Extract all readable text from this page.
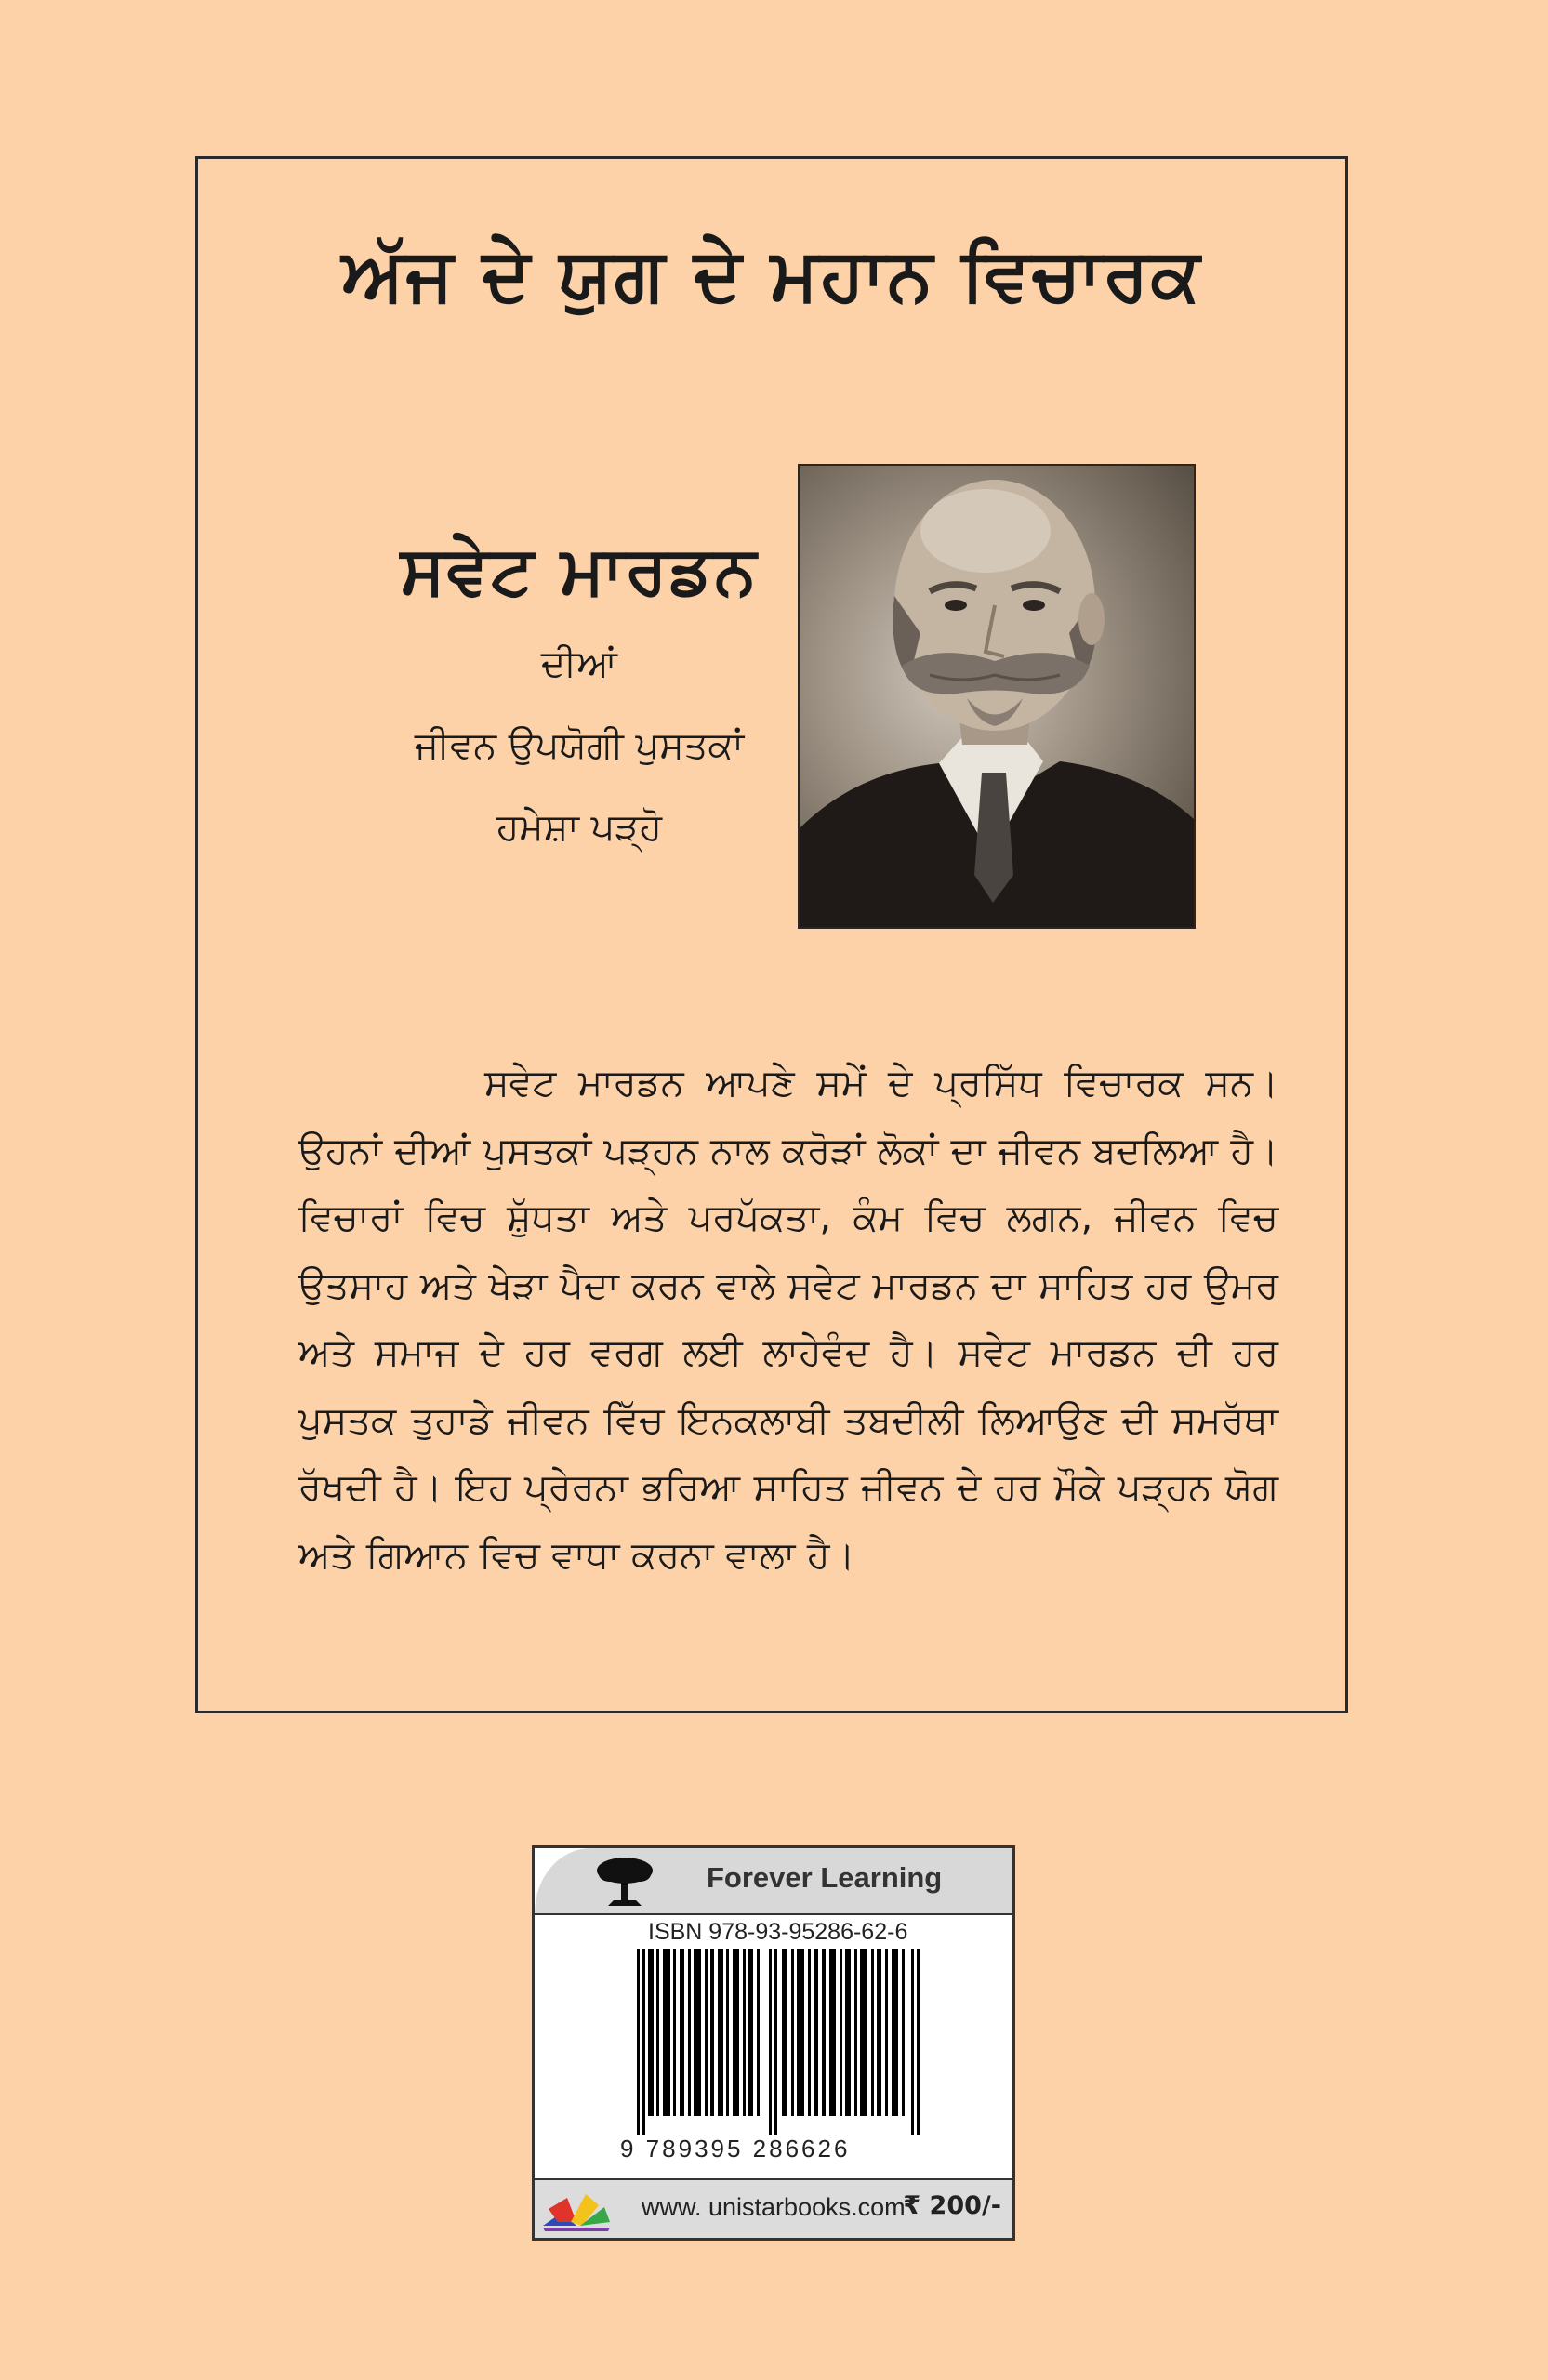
ਅੱਜ ਦੇ ਯੁਗ ਦੇ ਮਹਾਨ ਵਿਚਾਰਕ
ਸਵੇਟ ਮਾਰਡਨ

ਦੀਆਂ

ਜੀਵਨ ਉਪਯੋਗੀ ਪੁਸਤਕਾਂ

ਹਮੇਸ਼ਾ ਪੜ੍ਹੋ

ਸਵੇਟ ਮਾਰਡਨ ਆਪਣੇ ਸਮੇਂ ਦੇ ਪ੍ਰਸਿੱਧ ਵਿਚਾਰਕ ਸਨ। ਉਹਨਾਂ ਦੀਆਂ ਪੁਸਤਕਾਂ ਪੜ੍ਹਨ ਨਾਲ ਕਰੋੜਾਂ ਲੋਕਾਂ ਦਾ ਜੀਵਨ ਬਦਲਿਆ ਹੈ। ਵਿਚਾਰਾਂ ਵਿਚ ਸ਼ੁੱਧਤਾ ਅਤੇ ਪਰਪੱਕਤਾ, ਕੰਮ ਵਿਚ ਲਗਨ, ਜੀਵਨ ਵਿਚ ਉਤਸਾਹ ਅਤੇ ਖੇੜਾ ਪੈਦਾ ਕਰਨ ਵਾਲੇ ਸਵੇਟ ਮਾਰਡਨ ਦਾ ਸਾਹਿਤ ਹਰ ਉਮਰ ਅਤੇ ਸਮਾਜ ਦੇ ਹਰ ਵਰਗ ਲਈ ਲਾਹੇਵੰਦ ਹੈ। ਸਵੇਟ ਮਾਰਡਨ ਦੀ ਹਰ ਪੁਸਤਕ ਤੁਹਾਡੇ ਜੀਵਨ ਵਿੱਚ ਇਨਕਲਾਬੀ ਤਬਦੀਲੀ ਲਿਆਉਣ ਦੀ ਸਮਰੱਥਾ ਰੱਖਦੀ ਹੈ। ਇਹ ਪ੍ਰੇਰਨਾ ਭਰਿਆ ਸਾਹਿਤ ਜੀਵਨ ਦੇ ਹਰ ਮੌਕੇ ਪੜ੍ਹਨ ਯੋਗ ਅਤੇ ਗਿਆਨ ਵਿਚ ਵਾਧਾ ਕਰਨਾ ਵਾਲਾ ਹੈ।

Forever Learning

ISBN 978-93-95286-62-6

9 789395 286626

www. unistarbooks.com
₹ 200/-
